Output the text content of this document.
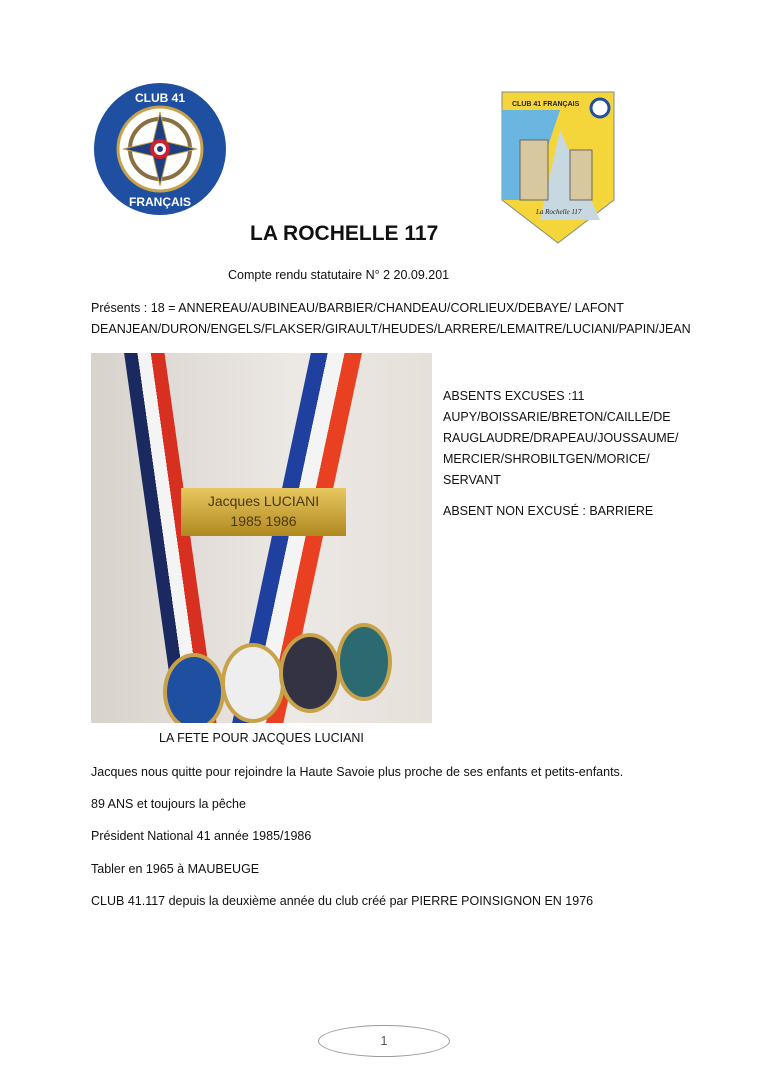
CLUB 41
FRANÇAIS
CLUB 41 FRANÇAIS
La Rochelle 117
LA ROCHELLE 117
Compte rendu statutaire N° 2 20.09.201
Présents : 18 = ANNEREAU/AUBINEAU/BARBIER/CHANDEAU/CORLIEUX/DEBAYE/ LAFONT
DEANJEAN/DURON/ENGELS/FLAKSER/GIRAULT/HEUDES/LARRERE/LEMAITRE/LUCIANI/PAPIN/JEAN
Jacques LUCIANI
1985 1986
ABSENTS EXCUSES :11
AUPY/BOISSARIE/BRETON/CAILLE/DE
RAUGLAUDRE/DRAPEAU/JOUSSAUME/
MERCIER/SHROBILTGEN/MORICE/
SERVANT
ABSENT NON EXCUSÉ : BARRIERE
LA FETE POUR JACQUES LUCIANI
Jacques nous quitte pour rejoindre la Haute Savoie plus proche de ses enfants et petits-enfants.
89 ANS et toujours la pêche
Président National 41 année 1985/1986
Tabler en 1965 à MAUBEUGE
CLUB 41.117 depuis la deuxième année du club créé par PIERRE POINSIGNON EN 1976
1
